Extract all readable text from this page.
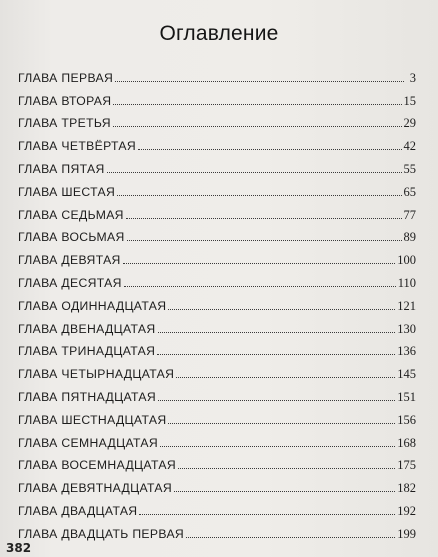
Оглавление
ГЛАВА ПЕРВАЯ	3
ГЛАВА ВТОРАЯ	15
ГЛАВА ТРЕТЬЯ	29
ГЛАВА ЧЕТВЁРТАЯ	42
ГЛАВА ПЯТАЯ	55
ГЛАВА ШЕСТАЯ	65
ГЛАВА СЕДЬМАЯ	77
ГЛАВА ВОСЬМАЯ	89
ГЛАВА ДЕВЯТАЯ	100
ГЛАВА ДЕСЯТАЯ	110
ГЛАВА ОДИННАДЦАТАЯ	121
ГЛАВА ДВЕНАДЦАТАЯ	130
ГЛАВА ТРИНАДЦАТАЯ	136
ГЛАВА ЧЕТЫРНАДЦАТАЯ	145
ГЛАВА ПЯТНАДЦАТАЯ	151
ГЛАВА ШЕСТНАДЦАТАЯ	156
ГЛАВА СЕМНАДЦАТАЯ	168
ГЛАВА ВОСЕМНАДЦАТАЯ	175
ГЛАВА ДЕВЯТНАДЦАТАЯ	182
ГЛАВА ДВАДЦАТАЯ	192
ГЛАВА ДВАДЦАТЬ ПЕРВАЯ	199
382
